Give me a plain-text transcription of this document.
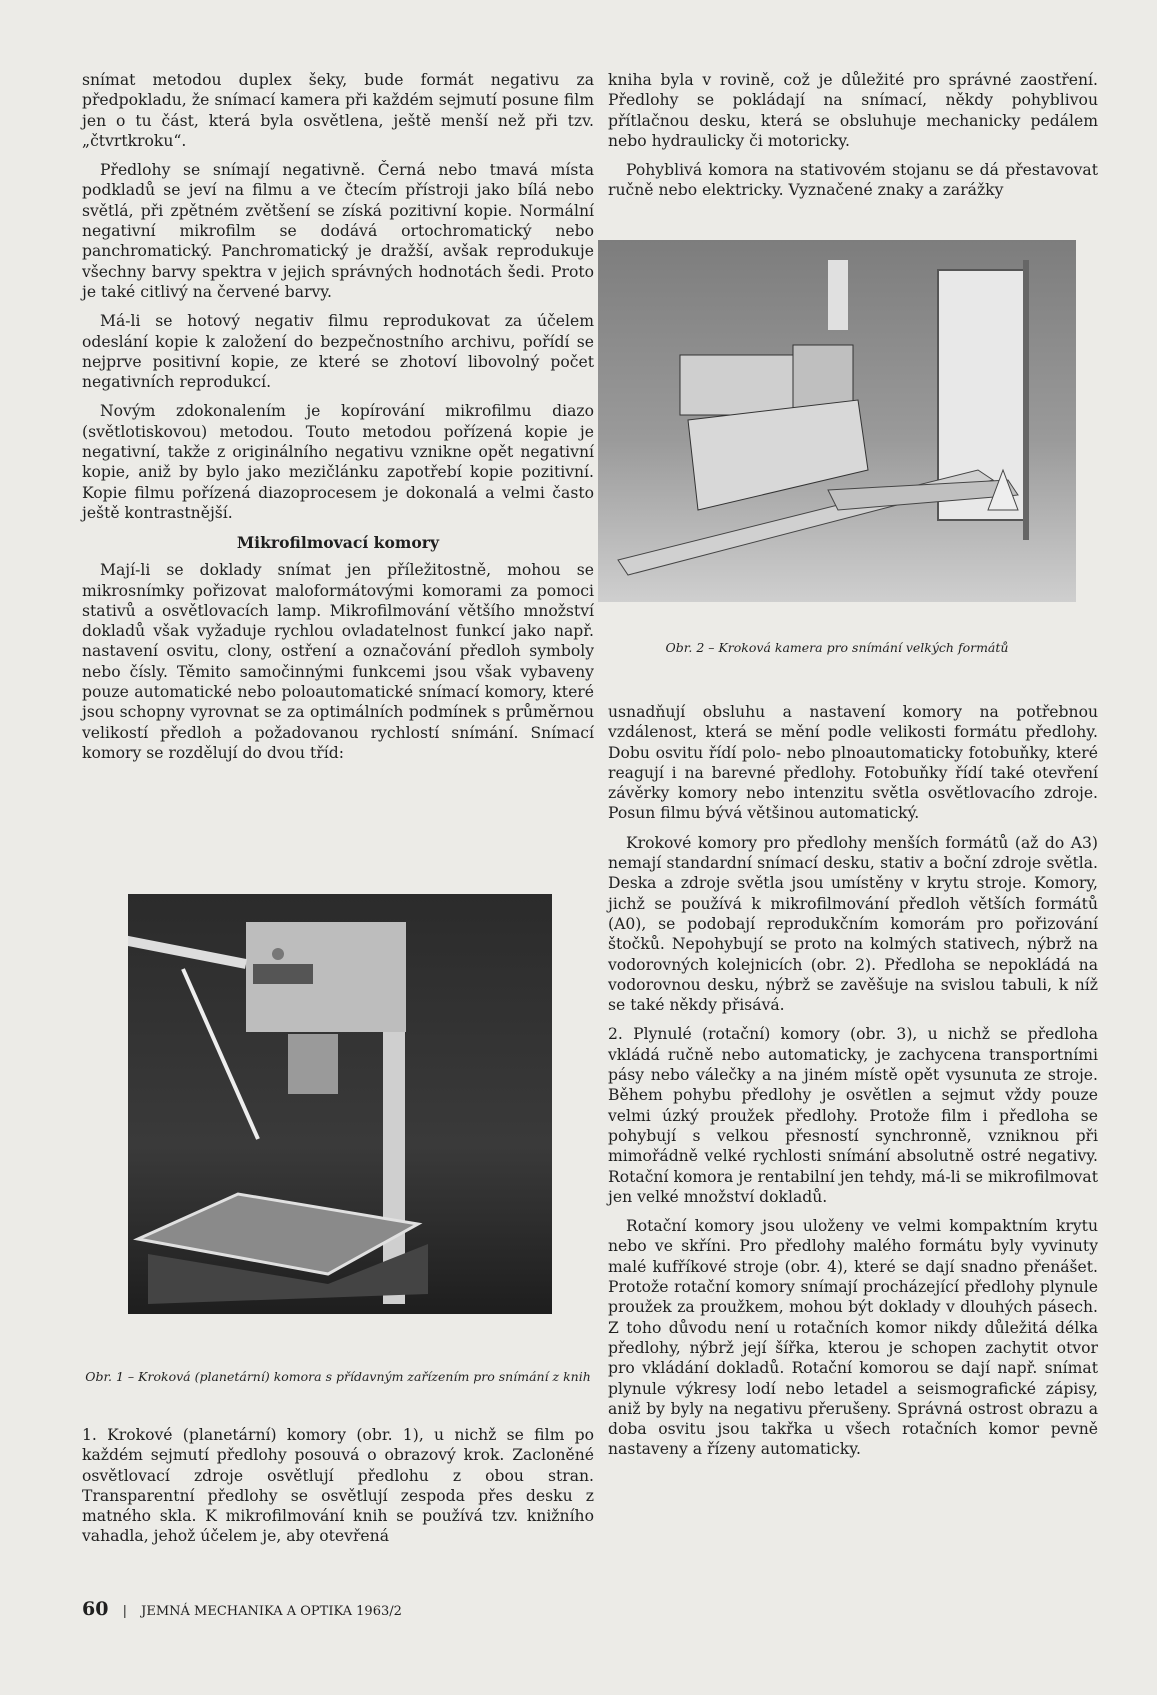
snímat metodou duplex šeky, bude formát negativu za předpokladu, že snímací kamera při každém sejmutí posune film jen o tu část, která byla osvětlena, ještě menší než při tzv. „čtvrtkroku“.

Předlohy se snímají negativně. Černá nebo tmavá místa podkladů se jeví na filmu a ve čtecím přístroji jako bílá nebo světlá, při zpětném zvětšení se získá pozitivní kopie. Normální negativní mikrofilm se dodává ortochromatický nebo panchromatický. Panchromatický je dražší, avšak reprodukuje všechny barvy spektra v jejich správných hodnotách šedi. Proto je také citlivý na červené barvy.

Má-li se hotový negativ filmu reprodukovat za účelem odeslání kopie k založení do bezpečnostního archivu, pořídí se nejprve positivní kopie, ze které se zhotoví libovolný počet negativních reprodukcí.

Novým zdokonalením je kopírování mikrofilmu diazo (světlotiskovou) metodou. Touto metodou pořízená kopie je negativní, takže z originálního negativu vznikne opět negativní kopie, aniž by bylo jako mezičlánku zapotřebí kopie pozitivní. Kopie filmu pořízená diazoprocesem je dokonalá a velmi často ještě kontrastnější.

Mikrofilmovací komory

Mají-li se doklady snímat jen příležitostně, mohou se mikrosnímky pořizovat maloformátovými komorami za pomoci stativů a osvětlovacích lamp. Mikrofilmování většího množství dokladů však vyžaduje rychlou ovladatelnost funkcí jako např. nastavení osvitu, clony, ostření a označování předloh symboly nebo čísly. Těmito samočinnými funkcemi jsou však vybaveny pouze automatické nebo poloautomatické snímací komory, které jsou schopny vyrovnat se za optimálních podmínek s průměrnou velikostí předloh a požadovanou rychlostí snímání. Snímací komory se rozdělují do dvou tříd:

Obr. 1 – Kroková (planetární) komora s přídavným zařízením pro snímání z knih

1. Krokové (planetární) komory (obr. 1), u nichž se film po každém sejmutí předlohy posouvá o obrazový krok. Zacloněné osvětlovací zdroje osvětlují předlohu z obou stran. Transparentní předlohy se osvětlují zespoda přes desku z matného skla. K mikrofilmování knih se používá tzv. knižního vahadla, jehož účelem je, aby otevřená

kniha byla v rovině, což je důležité pro správné zaostření. Předlohy se pokládají na snímací, někdy pohyblivou přítlačnou desku, která se obsluhuje mechanicky pedálem nebo hydraulicky či motoricky.

Pohyblivá komora na stativovém stojanu se dá přestavovat ručně nebo elektricky. Vyznačené znaky a zarážky

Obr. 2 – Kroková kamera pro snímání velkých formátů

usnadňují obsluhu a nastavení komory na potřebnou vzdálenost, která se mění podle velikosti formátu předlohy. Dobu osvitu řídí polo- nebo plnoautomaticky fotobuňky, které reagují i na barevné předlohy. Fotobuňky řídí také otevření závěrky komory nebo intenzitu světla osvětlovacího zdroje. Posun filmu bývá většinou automatický.

Krokové komory pro předlohy menších formátů (až do A3) nemají standardní snímací desku, stativ a boční zdroje světla. Deska a zdroje světla jsou umístěny v krytu stroje. Komory, jichž se používá k mikrofilmování předloh větších formátů (A0), se podobají reprodukčním komorám pro pořizování štočků. Nepohybují se proto na kolmých stativech, nýbrž na vodorovných kolejnicích (obr. 2). Předloha se nepokládá na vodorovnou desku, nýbrž se zavěšuje na svislou tabuli, k níž se také někdy přisává.

2. Plynulé (rotační) komory (obr. 3), u nichž se předloha vkládá ručně nebo automaticky, je zachycena transportními pásy nebo válečky a na jiném místě opět vysunuta ze stroje. Během pohybu předlohy je osvětlen a sejmut vždy pouze velmi úzký proužek předlohy. Protože film i předloha se pohybují s velkou přesností synchronně, vzniknou při mimořádně velké rychlosti snímání absolutně ostré negativy. Rotační komora je rentabilní jen tehdy, má-li se mikrofilmovat jen velké množství dokladů.

Rotační komory jsou uloženy ve velmi kompaktním krytu nebo ve skříni. Pro předlohy malého formátu byly vyvinuty malé kufříkové stroje (obr. 4), které se dají snadno přenášet. Protože rotační komory snímají procházející předlohy plynule proužek za proužkem, mohou být doklady v dlouhých pásech. Z toho důvodu není u rotačních komor nikdy důležitá délka předlohy, nýbrž její šířka, kterou je schopen zachytit otvor pro vkládání dokladů. Rotační komorou se dají např. snímat plynule výkresy lodí nebo letadel a seismografické zápisy, aniž by byly na negativu přerušeny. Správná ostrost obrazu a doba osvitu jsou takřka u všech rotačních komor pevně nastaveny a řízeny automaticky.

60 | JEMNÁ MECHANIKA A OPTIKA 1963/2
